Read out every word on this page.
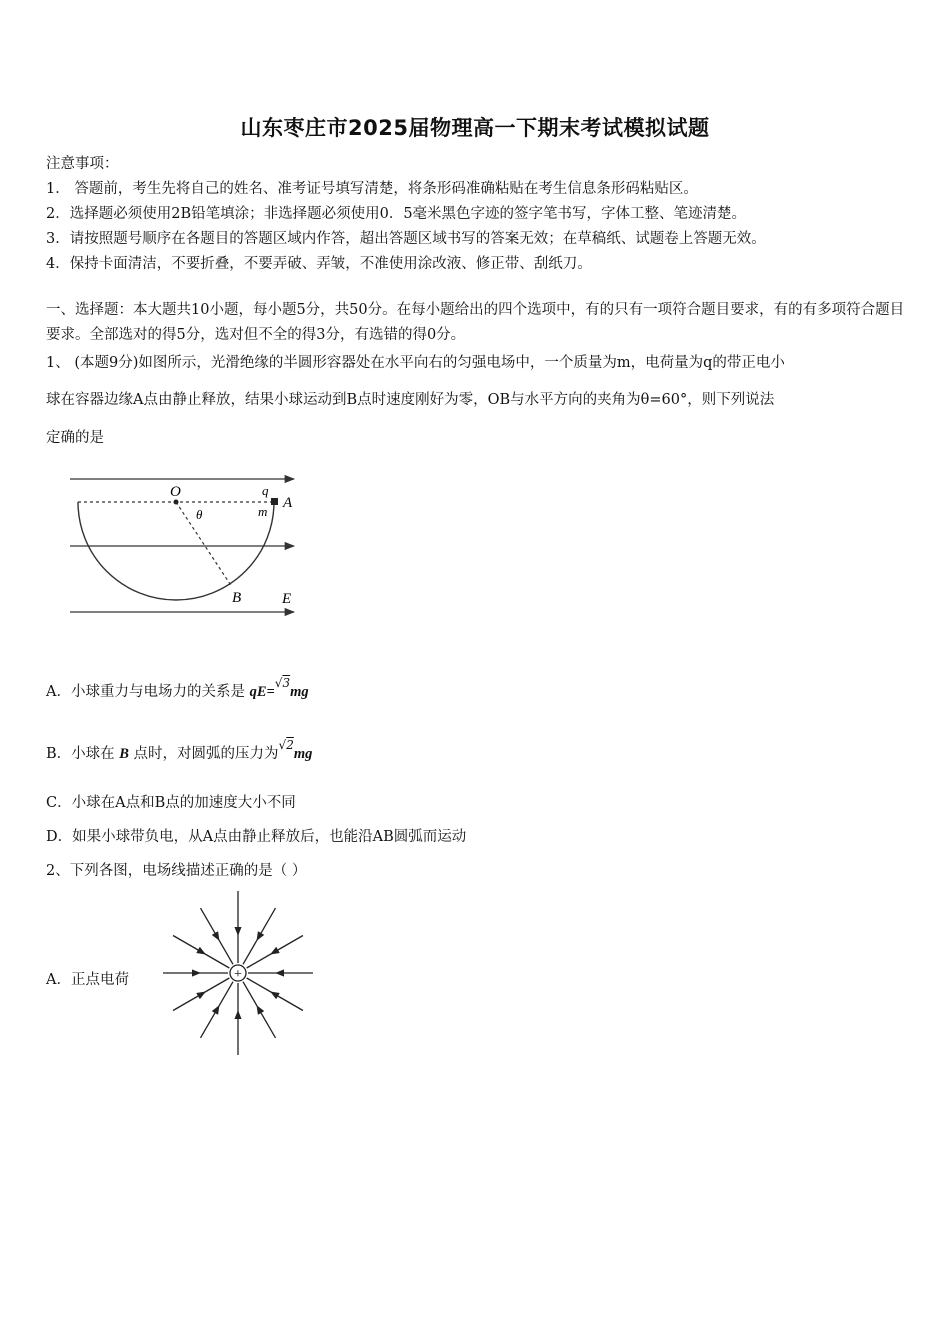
山东枣庄市2025届物理高一下期末考试模拟试题
注意事项：
1． 答题前，考生先将自己的姓名、准考证号填写清楚，将条形码准确粘贴在考生信息条形码粘贴区。
2．选择题必须使用2B铅笔填涂；非选择题必须使用0．5毫米黑色字迹的签字笔书写，字体工整、笔迹清楚。
3．请按照题号顺序在各题目的答题区域内作答，超出答题区域书写的答案无效；在草稿纸、试题卷上答题无效。
4．保持卡面清洁，不要折叠，不要弄破、弄皱，不准使用涂改液、修正带、刮纸刀。
一、选择题：本大题共10小题，每小题5分，共50分。在每小题给出的四个选项中，有的只有一项符合题目要求，有的有多项符合题目要求。全部选对的得5分，选对但不全的得3分，有选错的得0分。
1、 (本题9分)如图所示，光滑绝缘的半圆形容器处在水平向右的匀强电场中，一个质量为m，电荷量为q的带正电小
球在容器边缘A点由静止释放，结果小球运动到B点时速度刚好为零，OB与水平方向的夹角为θ=60°，则下列说法
定确的是
O	q
m
A
θ
B	E
A．小球重力与电场力的关系是 qE=$^{√3}$mg
B．小球在 B 点时，对圆弧的压力为$^{√2}$mg
C．小球在A点和B点的加速度大小不同
D．如果小球带负电，从A点由静止释放后，也能沿AB圆弧而运动
2、下列各图，电场线描述正确的是（ ）
A．正点电荷	+
